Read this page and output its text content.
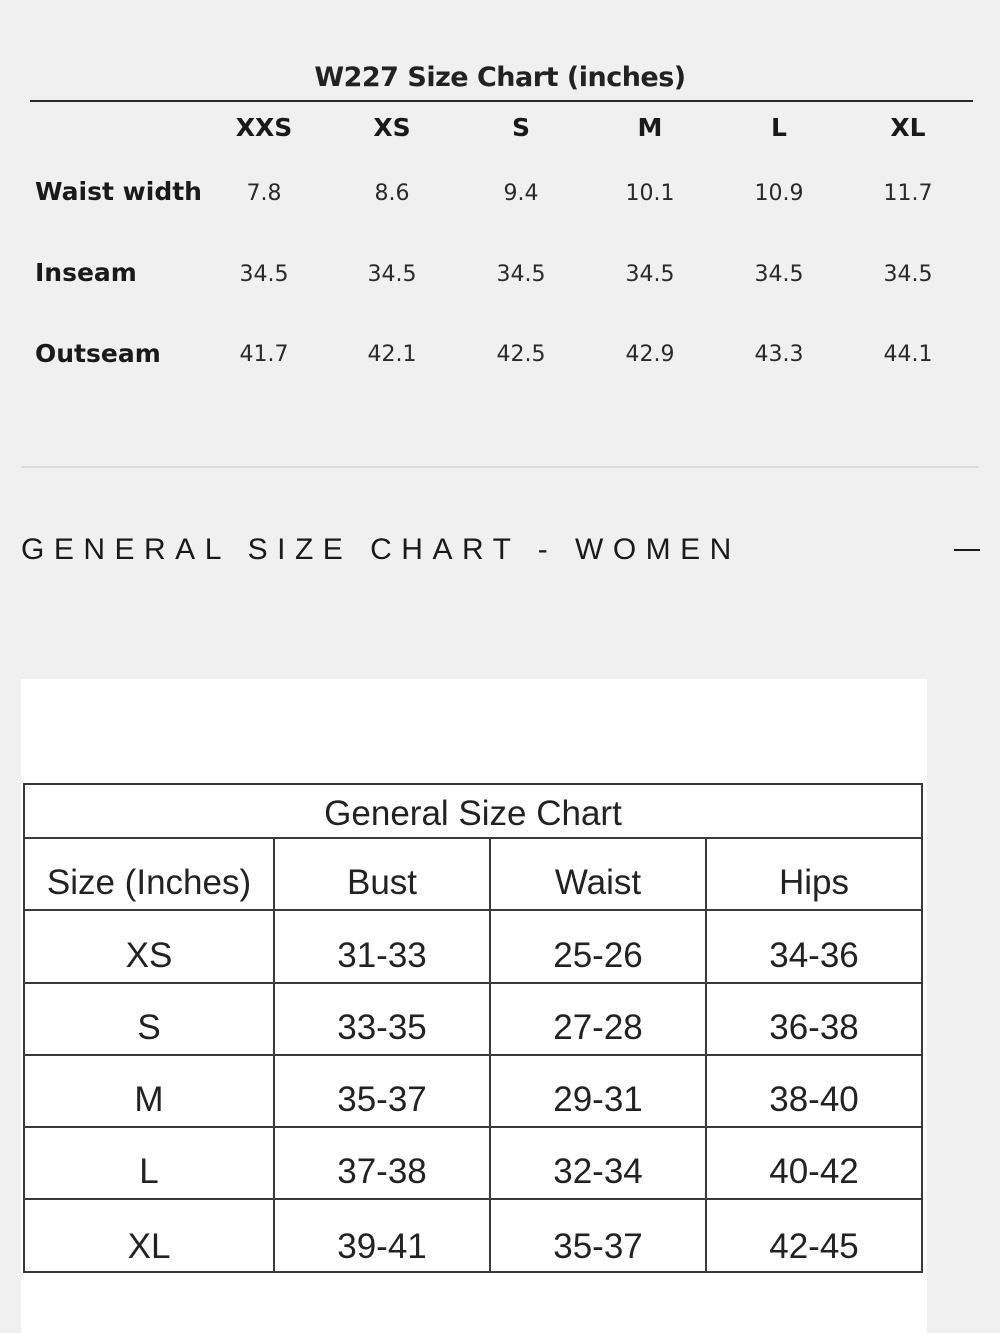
W227 Size Chart (inches)
XXS	XS	S	M	L	XL
Waist width	7.8	8.6	9.4	10.1	10.9	11.7
Inseam	34.5	34.5	34.5	34.5	34.5	34.5
Outseam	41.7	42.1	42.5	42.9	43.3	44.1
GENERAL SIZE CHART - WOMEN
General Size Chart
Size (Inches)	Bust	Waist	Hips
XS	31-33	25-26	34-36
S	33-35	27-28	36-38
M	35-37	29-31	38-40
L	37-38	32-34	40-42
XL	39-41	35-37	42-45
